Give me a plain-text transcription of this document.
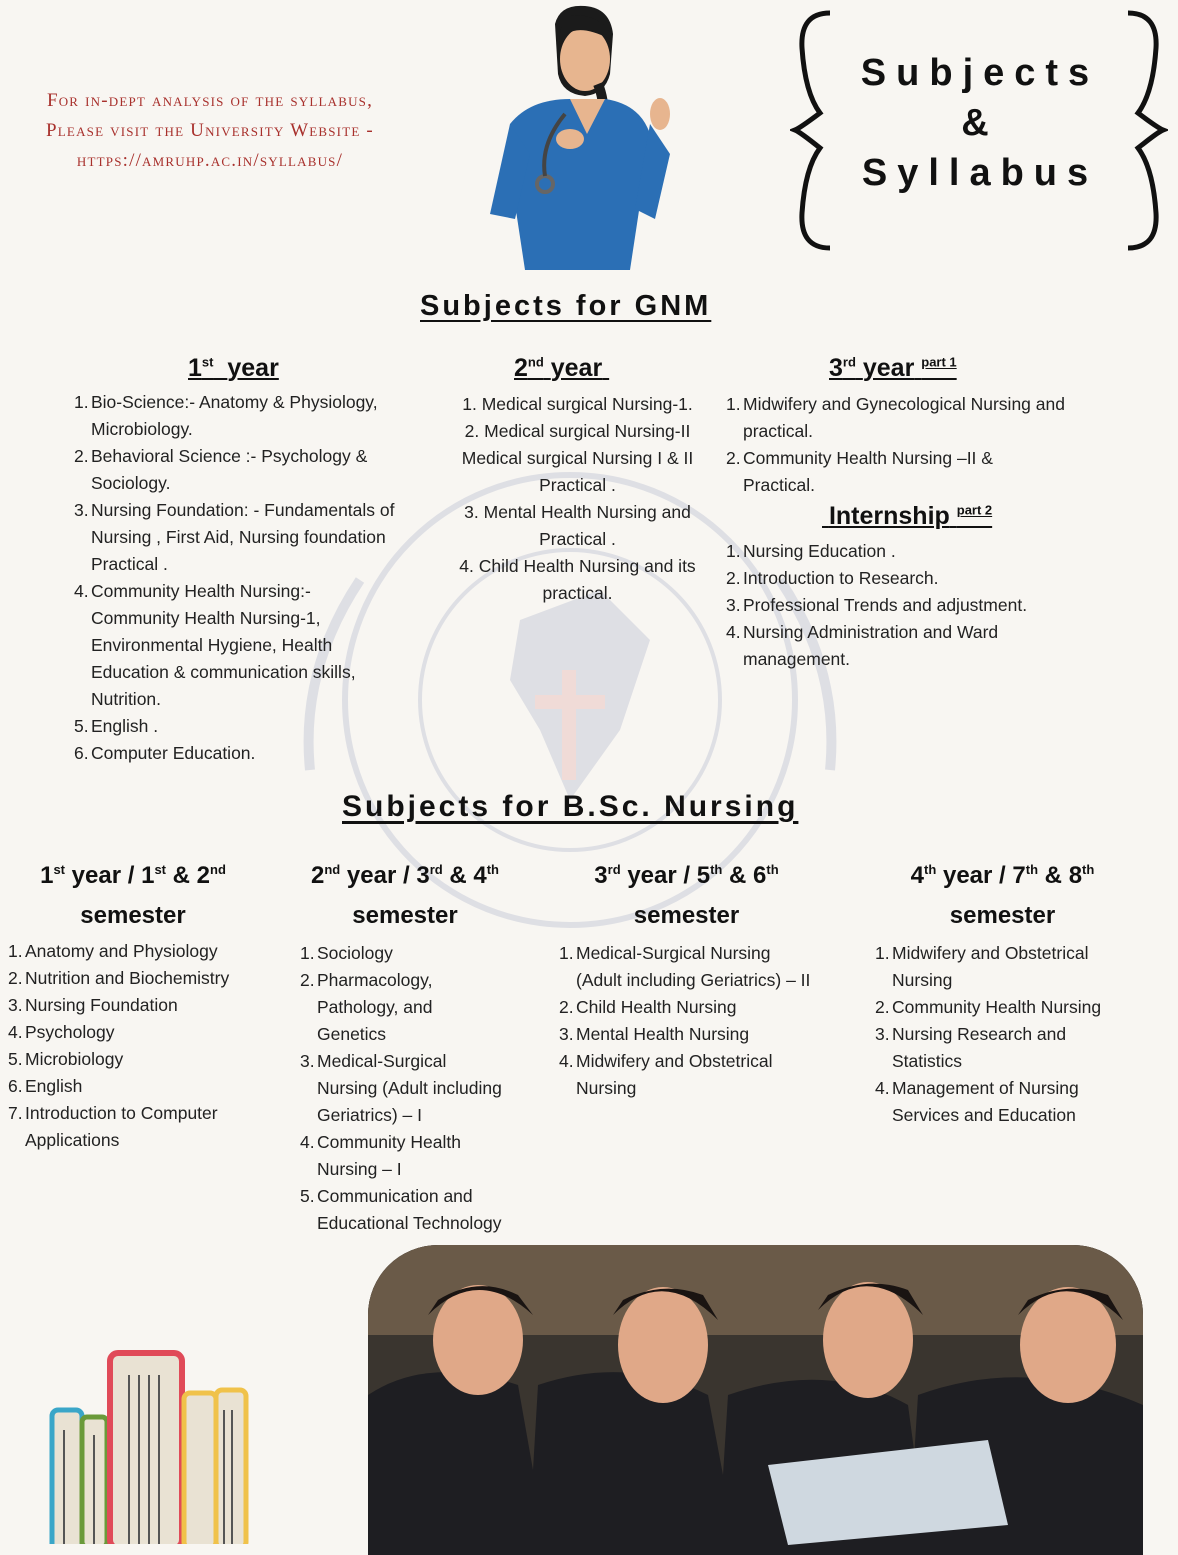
For in-dept analysis of the syllabus,
Please visit the University Website -
https://amruhp.ac.in/syllabus/
Subjects
&
Syllabus
Subjects for GNM
1st year
1. Bio-Science:- Anatomy & Physiology, Microbiology.
2. Behavioral Science :- Psychology & Sociology.
3. Nursing Foundation: - Fundamentals of Nursing , First Aid, Nursing foundation Practical .
4. Community Health Nursing:- Community Health Nursing-1, Environmental Hygiene, Health Education & communication skills, Nutrition.
5. English .
6. Computer Education.
2nd year
1. Medical surgical Nursing-1.
2. Medical surgical Nursing-II Medical surgical Nursing I & II Practical .
3. Mental Health Nursing and Practical .
4. Child Health Nursing and its practical.
3rd year $^{part 1}$
1. Midwifery and Gynecological Nursing and practical.
2. Community Health Nursing –II & Practical.
Internship $^{part 2}$
1. Nursing Education .
2. Introduction to Research.
3. Professional Trends and adjustment.
4. Nursing Administration and Ward management.
Subjects for B.Sc. Nursing
1st year / 1st & 2nd
semester
1. Anatomy and Physiology
2. Nutrition and Biochemistry
3. Nursing Foundation
4. Psychology
5. Microbiology
6. English
7. Introduction to Computer Applications
2nd year / 3rd & 4th
semester
1. Sociology
2. Pharmacology, Pathology, and Genetics
3. Medical-Surgical Nursing (Adult including Geriatrics) – I
4. Community Health Nursing – I
5. Communication and Educational Technology
3rd year / 5th & 6th
semester
1. Medical-Surgical Nursing (Adult including Geriatrics) – II
2. Child Health Nursing
3. Mental Health Nursing
4. Midwifery and Obstetrical Nursing
4th year / 7th & 8th
semester
1. Midwifery and Obstetrical Nursing
2. Community Health Nursing
3. Nursing Research and Statistics
4. Management of Nursing Services and Education
